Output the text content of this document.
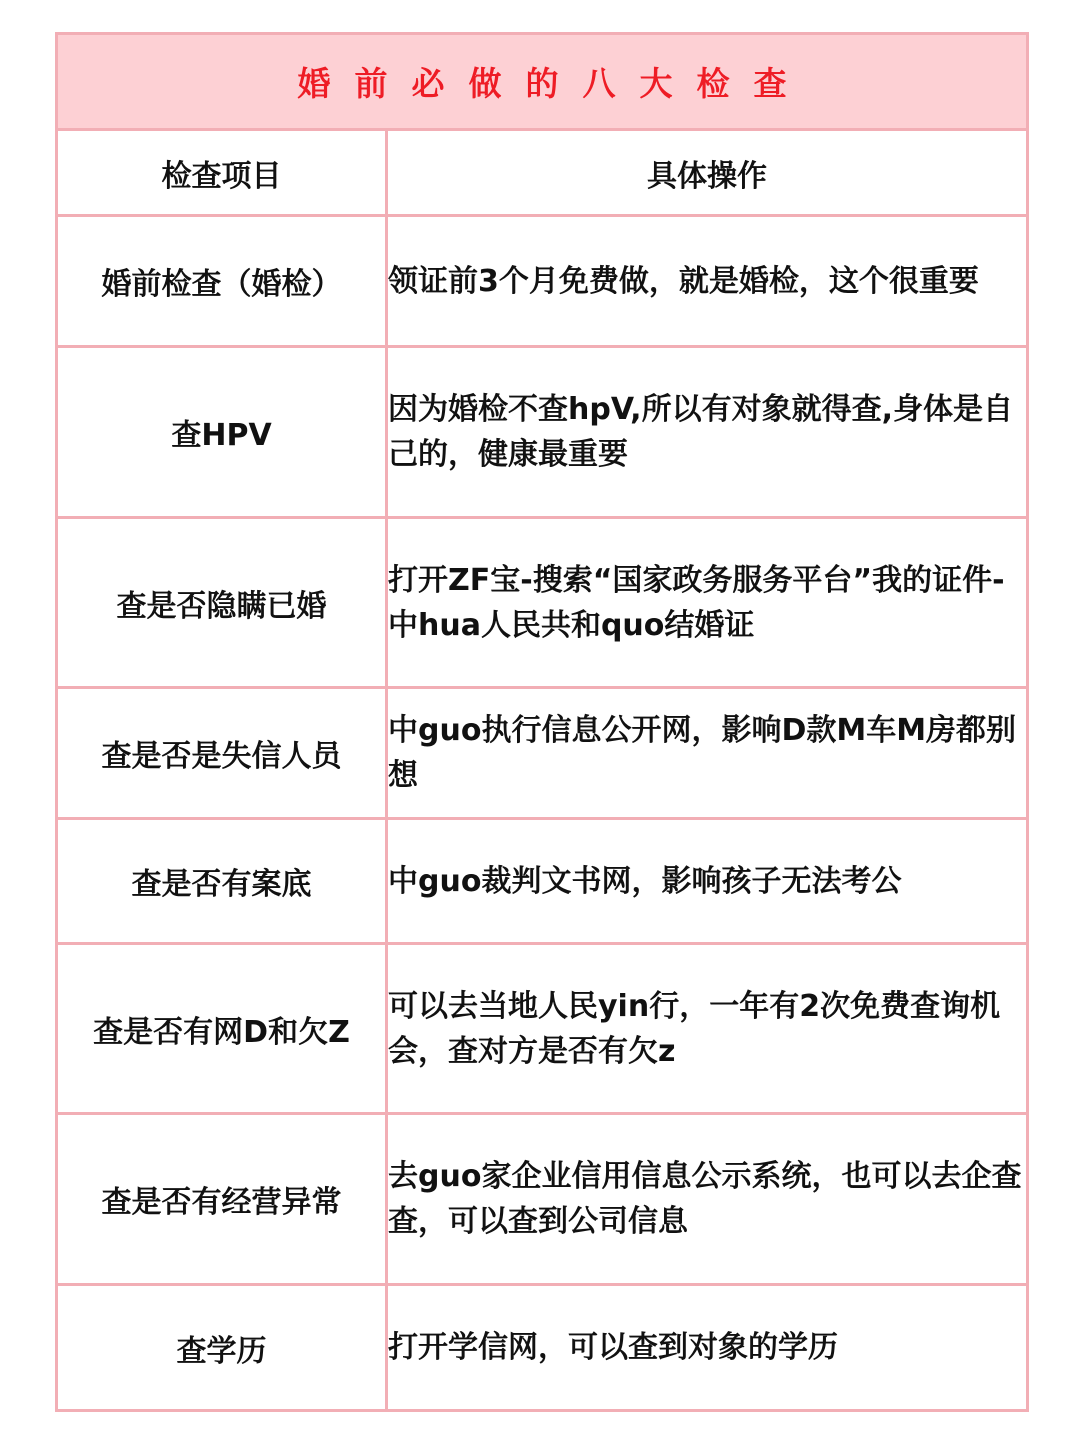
婚前必做的八大检查	
检查项目	具体操作
婚前检查（婚检）	领证前3个月免费做，就是婚检，这个很重要
查HPV	因为婚检不查hpV,所以有对象就得查,身体是自己的，健康最重要
查是否隐瞒已婚	打开ZF宝-搜索“国家政务服务平台”我的证件-中hua人民共和quo结婚证
查是否是失信人员	中guo执行信息公开网，影响D款M车M房都别想
查是否有案底	中guo裁判文书网，影响孩子无法考公
查是否有网D和欠Z	可以去当地人民yin行，一年有2次免费查询机会，查对方是否有欠z
查是否有经营异常	去guo家企业信用信息公示系统，也可以去企查查，可以查到公司信息
查学历	打开学信网，可以查到对象的学历
